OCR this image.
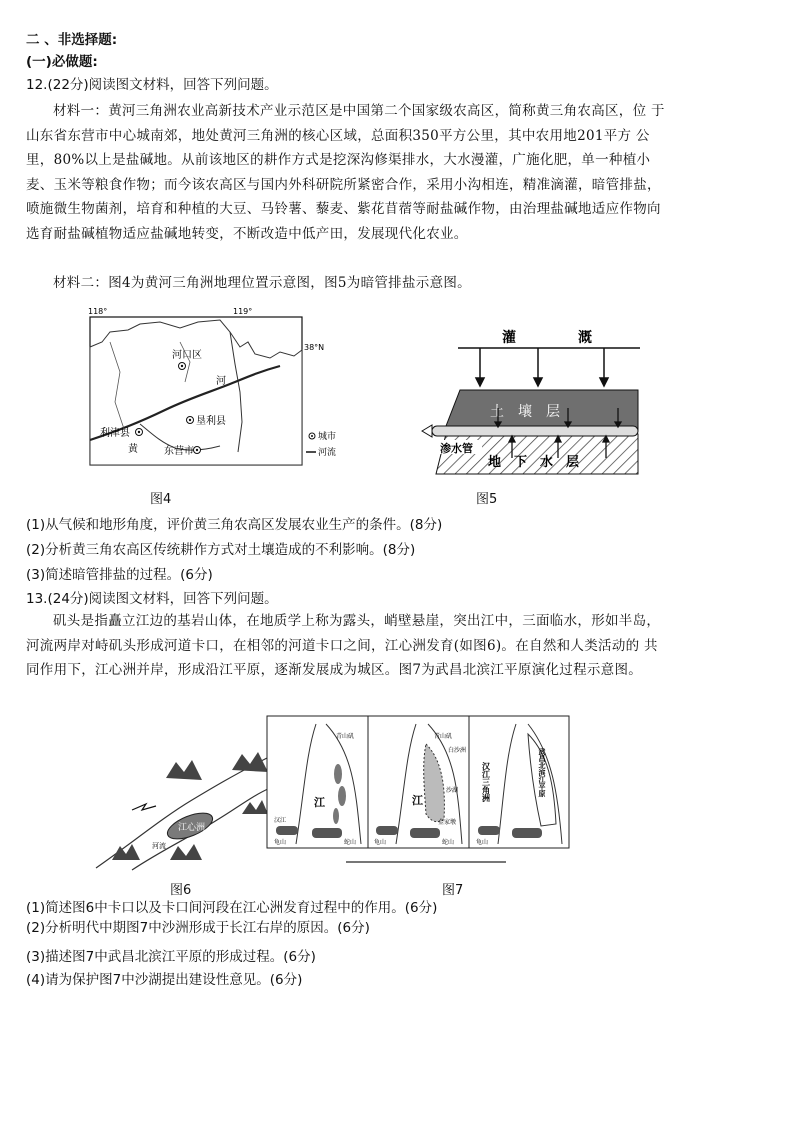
二 、非选择题:
(一)必做题:
12.(22分)阅读图文材料，回答下列问题。
材料一：黄河三角洲农业高新技术产业示范区是中国第二个国家级农高区，简称黄三角农高区，位 于山东省东营市中心城南郊，地处黄河三角洲的核心区域，总面积350平方公里，其中农用地201平方 公里，80%以上是盐碱地。从前该地区的耕作方式是挖深沟修渠排水，大水漫灌，广施化肥，单一种植小 麦、玉米等粮食作物；而今该农高区与国内外科研院所紧密合作，采用小沟相连，精准滴灌，暗管排盐， 喷施微生物菌剂，培育和种植的大豆、马铃薯、藜麦、紫花苜蓿等耐盐碱作物，由治理盐碱地适应作物向 选育耐盐碱植物适应盐碱地转变，不断改造中低产田，发展现代化农业。
材料二：图4为黄河三角洲地理位置示意图，图5为暗管排盐示意图。
118°	119°
38°N
河口区
河
垦利县
利津县
黄	东营市
城市
河流
图4
灌	溉
土　壤　层
渗水管
地　下　水　层
图5
(1)从气候和地形角度，评价黄三角农高区发展农业生产的条件。(8分)
(2)分析黄三角农高区传统耕作方式对土壤造成的不利影响。(8分)
(3)简述暗管排盐的过程。(6分)
13.(24分)阅读图文材料，回答下列问题。
矶头是指矗立江边的基岩山体，在地质学上称为露头，峭壁悬崖，突出江中，三面临水，形如半岛， 河流两岸对峙矶头形成河道卡口，在相邻的河道卡口之间，江心洲发育(如图6)。在自然和人类活动的 共同作用下，江心洲并岸，形成沿江平原，逐渐发展成为城区。图7为武昌北滨江平原演化过程示意图。
江心洲
河流
图6
江
青山矶
汉江
龟山	蛇山
江
青山矶
白沙洲
沙湖
金家墩
龟山	蛇山
汉江三角洲	武昌北滨江平原
龟山
图7
(1)简述图6中卡口以及卡口间河段在江心洲发育过程中的作用。(6分)
(2)分析明代中期图7中沙洲形成于长江右岸的原因。(6分)
(3)描述图7中武昌北滨江平原的形成过程。(6分)
(4)请为保护图7中沙湖提出建设性意见。(6分)
